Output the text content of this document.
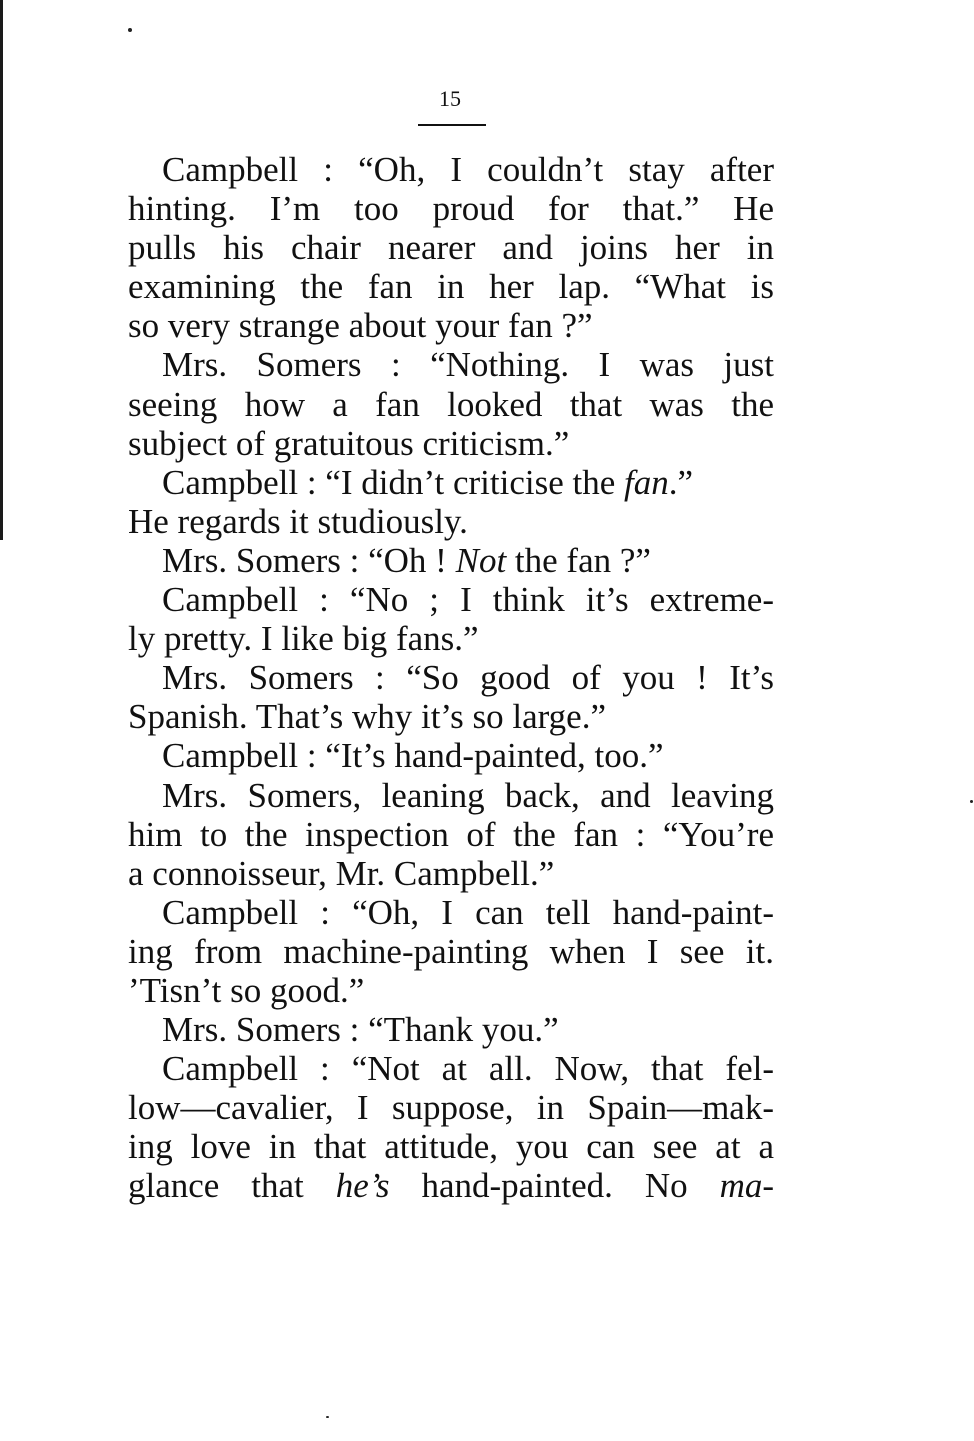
15
Campbell : “Oh, I couldn’t stay after
hinting. I’m too proud for that.” He
pulls his chair nearer and joins her in
examining the fan in her lap. “What is
so very strange about your fan ?”
Mrs. Somers : “Nothing. I was just
seeing how a fan looked that was the
subject of gratuitous criticism.”
Campbell : “I didn’t criticise the fan.”
He regards it studiously.
Mrs. Somers : “Oh ! Not the fan ?”
Campbell : “No ; I think it’s extreme-
ly pretty. I like big fans.”
Mrs. Somers : “So good of you ! It’s
Spanish. That’s why it’s so large.”
Campbell : “It’s hand-painted, too.”
Mrs. Somers, leaning back, and leaving
him to the inspection of the fan : “You’re
a connoisseur, Mr. Campbell.”
Campbell : “Oh, I can tell hand-paint-
ing from machine-painting when I see it.
’Tisn’t so good.”
Mrs. Somers : “Thank you.”
Campbell : “Not at all. Now, that fel-
low—cavalier, I suppose, in Spain—mak-
ing love in that attitude, you can see at a
glance that he’s hand-painted. No ma-
